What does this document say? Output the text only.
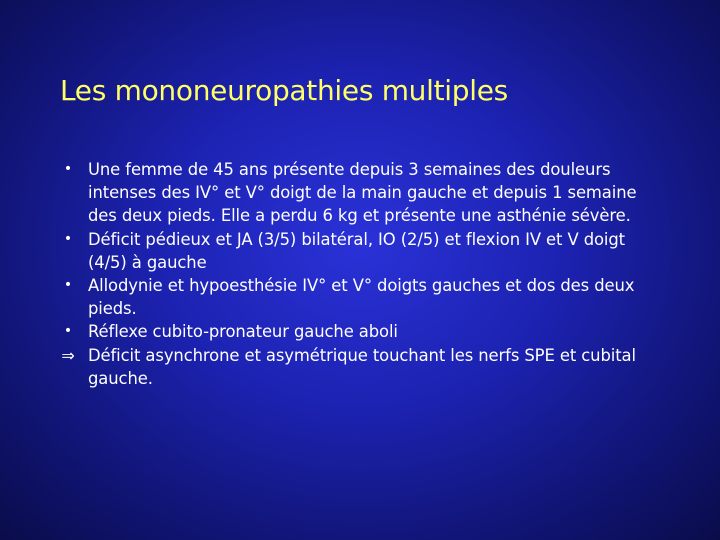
Les mononeuropathies multiples
• Une femme de 45 ans présente depuis 3 semaines des douleurs intenses des IV° et V° doigt de la main gauche et depuis 1 semaine des deux pieds. Elle a perdu 6 kg et présente une asthénie sévère.
• Déficit pédieux et JA (3/5) bilatéral, IO (2/5) et flexion IV et V doigt (4/5) à gauche
• Allodynie et hypoesthésie IV° et V° doigts gauches et dos des deux pieds.
• Réflexe cubito-pronateur gauche aboli
⇒ Déficit asynchrone et asymétrique touchant les nerfs SPE et cubital gauche.
